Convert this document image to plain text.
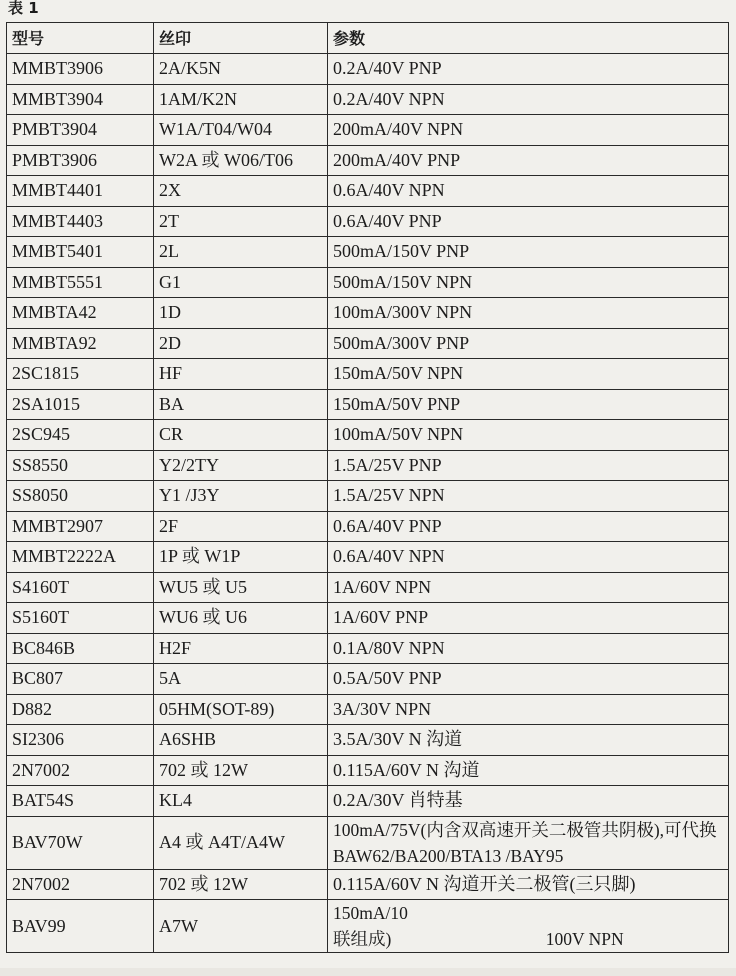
表 1
型号	丝印	参数
MMBT3906	2A/K5N	0.2A/40V PNP
MMBT3904	1AM/K2N	0.2A/40V NPN
PMBT3904	W1A/T04/W04	200mA/40V NPN
PMBT3906	W2A 或 W06/T06	200mA/40V PNP
MMBT4401	2X	0.6A/40V NPN
MMBT4403	2T	0.6A/40V PNP
MMBT5401	2L	500mA/150V PNP
MMBT5551	G1	500mA/150V NPN
MMBTA42	1D	100mA/300V NPN
MMBTA92	2D	500mA/300V PNP
2SC1815	HF	150mA/50V NPN
2SA1015	BA	150mA/50V PNP
2SC945	CR	100mA/50V NPN
SS8550	Y2/2TY	1.5A/25V PNP
SS8050	Y1 /J3Y	1.5A/25V NPN
MMBT2907	2F	0.6A/40V PNP
MMBT2222A	1P 或 W1P	0.6A/40V NPN
S4160T	WU5 或 U5	1A/60V NPN
S5160T	WU6 或 U6	1A/60V PNP
BC846B	H2F	0.1A/80V NPN
BC807	5A	0.5A/50V PNP
D882	05HM(SOT-89)	3A/30V NPN
SI2306	A6SHB	3.5A/30V N 沟道
2N7002	702 或 12W	0.115A/60V N 沟道
BAT54S	KL4	0.2A/30V 肖特基
BAV70W	A4 或 A4T/A4W	100mA/75V(内含双高速开关二极管共阴极),可代换 BAW62/BA200/BTA13 /BAY95
2N7002	702 或 12W	0.115A/60V N 沟道开关二极管(三只脚)
BAV99	A7W	150mA/10
联组成) 100V NPN
